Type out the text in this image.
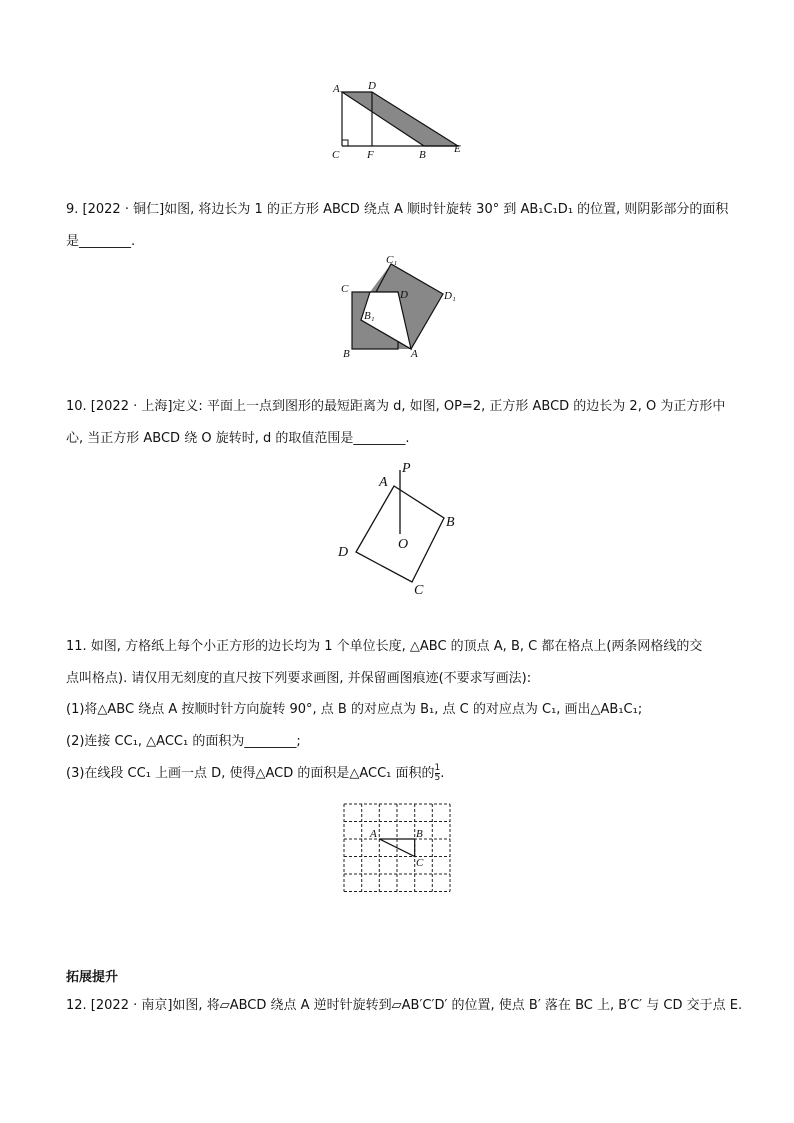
A	D
C	F	B	E
9. [2022 · 铜仁]如图, 将边长为 1 的正方形 ABCD 绕点 A 顺时针旋转 30° 到 AB₁C₁D₁ 的位置, 则阴影部分的面积
是________.
C₁
C	D	D₁
B₁
B	A
10. [2022 · 上海]定义: 平面上一点到图形的最短距离为 d, 如图, OP=2, 正方形 ABCD 的边长为 2, O 为正方形中
心, 当正方形 ABCD 绕 O 旋转时, d 的取值范围是________.
P
A
B
O
D
C
11. 如图, 方格纸上每个小正方形的边长均为 1 个单位长度, △ABC 的顶点 A, B, C 都在格点上(两条网格线的交
点叫格点). 请仅用无刻度的直尺按下列要求画图, 并保留画图痕迹(不要求写画法):
(1)将△ABC 绕点 A 按顺时针方向旋转 90°, 点 B 的对应点为 B₁, 点 C 的对应点为 C₁, 画出△AB₁C₁;
(2)连接 CC₁, △ACC₁ 的面积为________;
(3)在线段 CC₁ 上画一点 D, 使得△ACD 的面积是△ACC₁ 面积的 $\frac{1}{5}$ .
A	B
C
拓展提升
12. [2022 · 南京]如图, 将▱ABCD 绕点 A 逆时针旋转到▱AB′C′D′ 的位置, 使点 B′ 落在 BC 上, B′C′ 与 CD 交于点 E.
